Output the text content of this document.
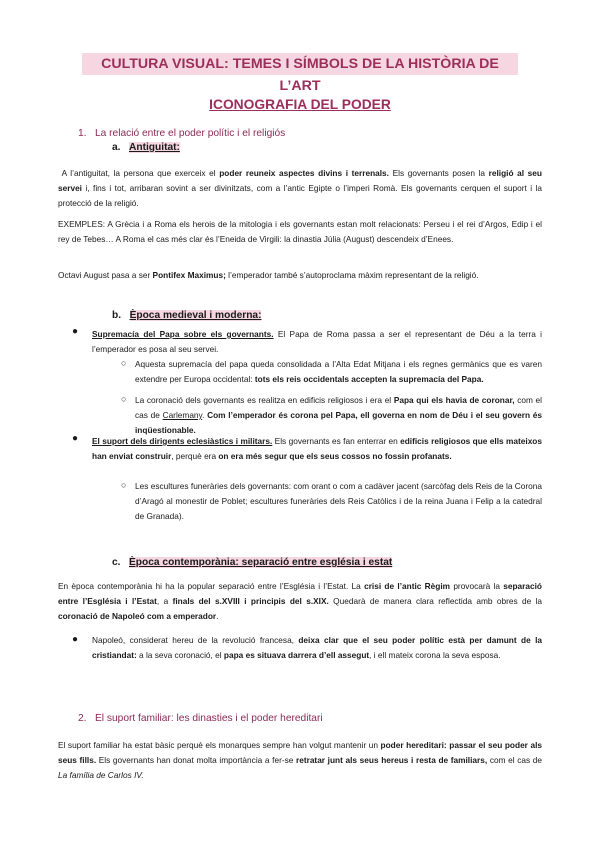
CULTURA VISUAL: TEMES I SÍMBOLS DE LA HISTÒRIA DE L’ART
ICONOGRAFIA DEL PODER
1. La relació entre el poder polític i el religiós
a. Antiguitat:
A l’antiguitat, la persona que exerceix el poder reuneix aspectes divins i terrenals. Els governants posen la religió al seu servei i, fins i tot, arribaran sovint a ser divinitzats, com a l’antic Egipte o l’imperi Romà. Els governants cerquen el suport i la protecció de la religió.
EXEMPLES: A Grècia i a Roma els herois de la mitologia i els governants estan molt relacionats: Perseu i el rei d’Argos, Edip i el rey de Tebes… A Roma el cas més clar és l’Eneida de Virgili: la dinastia Júlia (August) descendeix d’Enees.
Octavi August pasa a ser Pontifex Maximus; l’emperador també s’autoproclama màxim representant de la religió.
b. Època medieval i moderna:
● Supremacía del Papa sobre els governants. El Papa de Roma passa a ser el representant de Déu a la terra i l’emperador es posa al seu servei.
○ Aquesta supremacía del papa queda consolidada a l’Alta Edat Mitjana i els regnes germànics que es varen extendre per Europa occidental: tots els reis occidentals accepten la supremacía del Papa.
○ La coronació dels governants es realitza en edificis religiosos i era el Papa qui els havia de coronar, com el cas de Carlemany. Com l’emperador és corona pel Papa, ell governa en nom de Déu i el seu govern és inqüestionable.
● El suport dels dirigents eclesiàstics i militars. Els governants es fan enterrar en edificis religiosos que ells mateixos han enviat construir, perquè era on era més segur que els seus cossos no fossin profanats.
○ Les escultures funeràries dels governants: com orant o com a cadàver jacent (sarcòfag dels Reis de la Corona d’Aragó al monestir de Poblet; escultures funeràries dels Reis Catòlics i de la reina Juana i Felip a la catedral de Granada).
c. Època contemporània: separació entre església i estat
En època contemporània hi ha la popular separació entre l’Església i l’Estat. La crisi de l’antic Règim provocarà la separació entre l’Església i l’Estat, a finals del s.XVIII i principis del s.XIX. Quedarà de manera clara reflectida amb obres de la coronació de Napoleó com a emperador.
● Napoleó, considerat hereu de la revolució francesa, deixa clar que el seu poder polític està per damunt de la cristiandat: a la seva coronació, el papa es situava darrera d’ell assegut, i ell mateix corona la seva esposa.
2. El suport familiar: les dinasties i el poder hereditari
El suport familiar ha estat bàsic perquè els monarques sempre han volgut mantenir un poder hereditari: passar el seu poder als seus fills. Els governants han donat molta importància a fer-se retratar junt als seus hereus i resta de familiars, com el cas de La família de Carlos IV.
